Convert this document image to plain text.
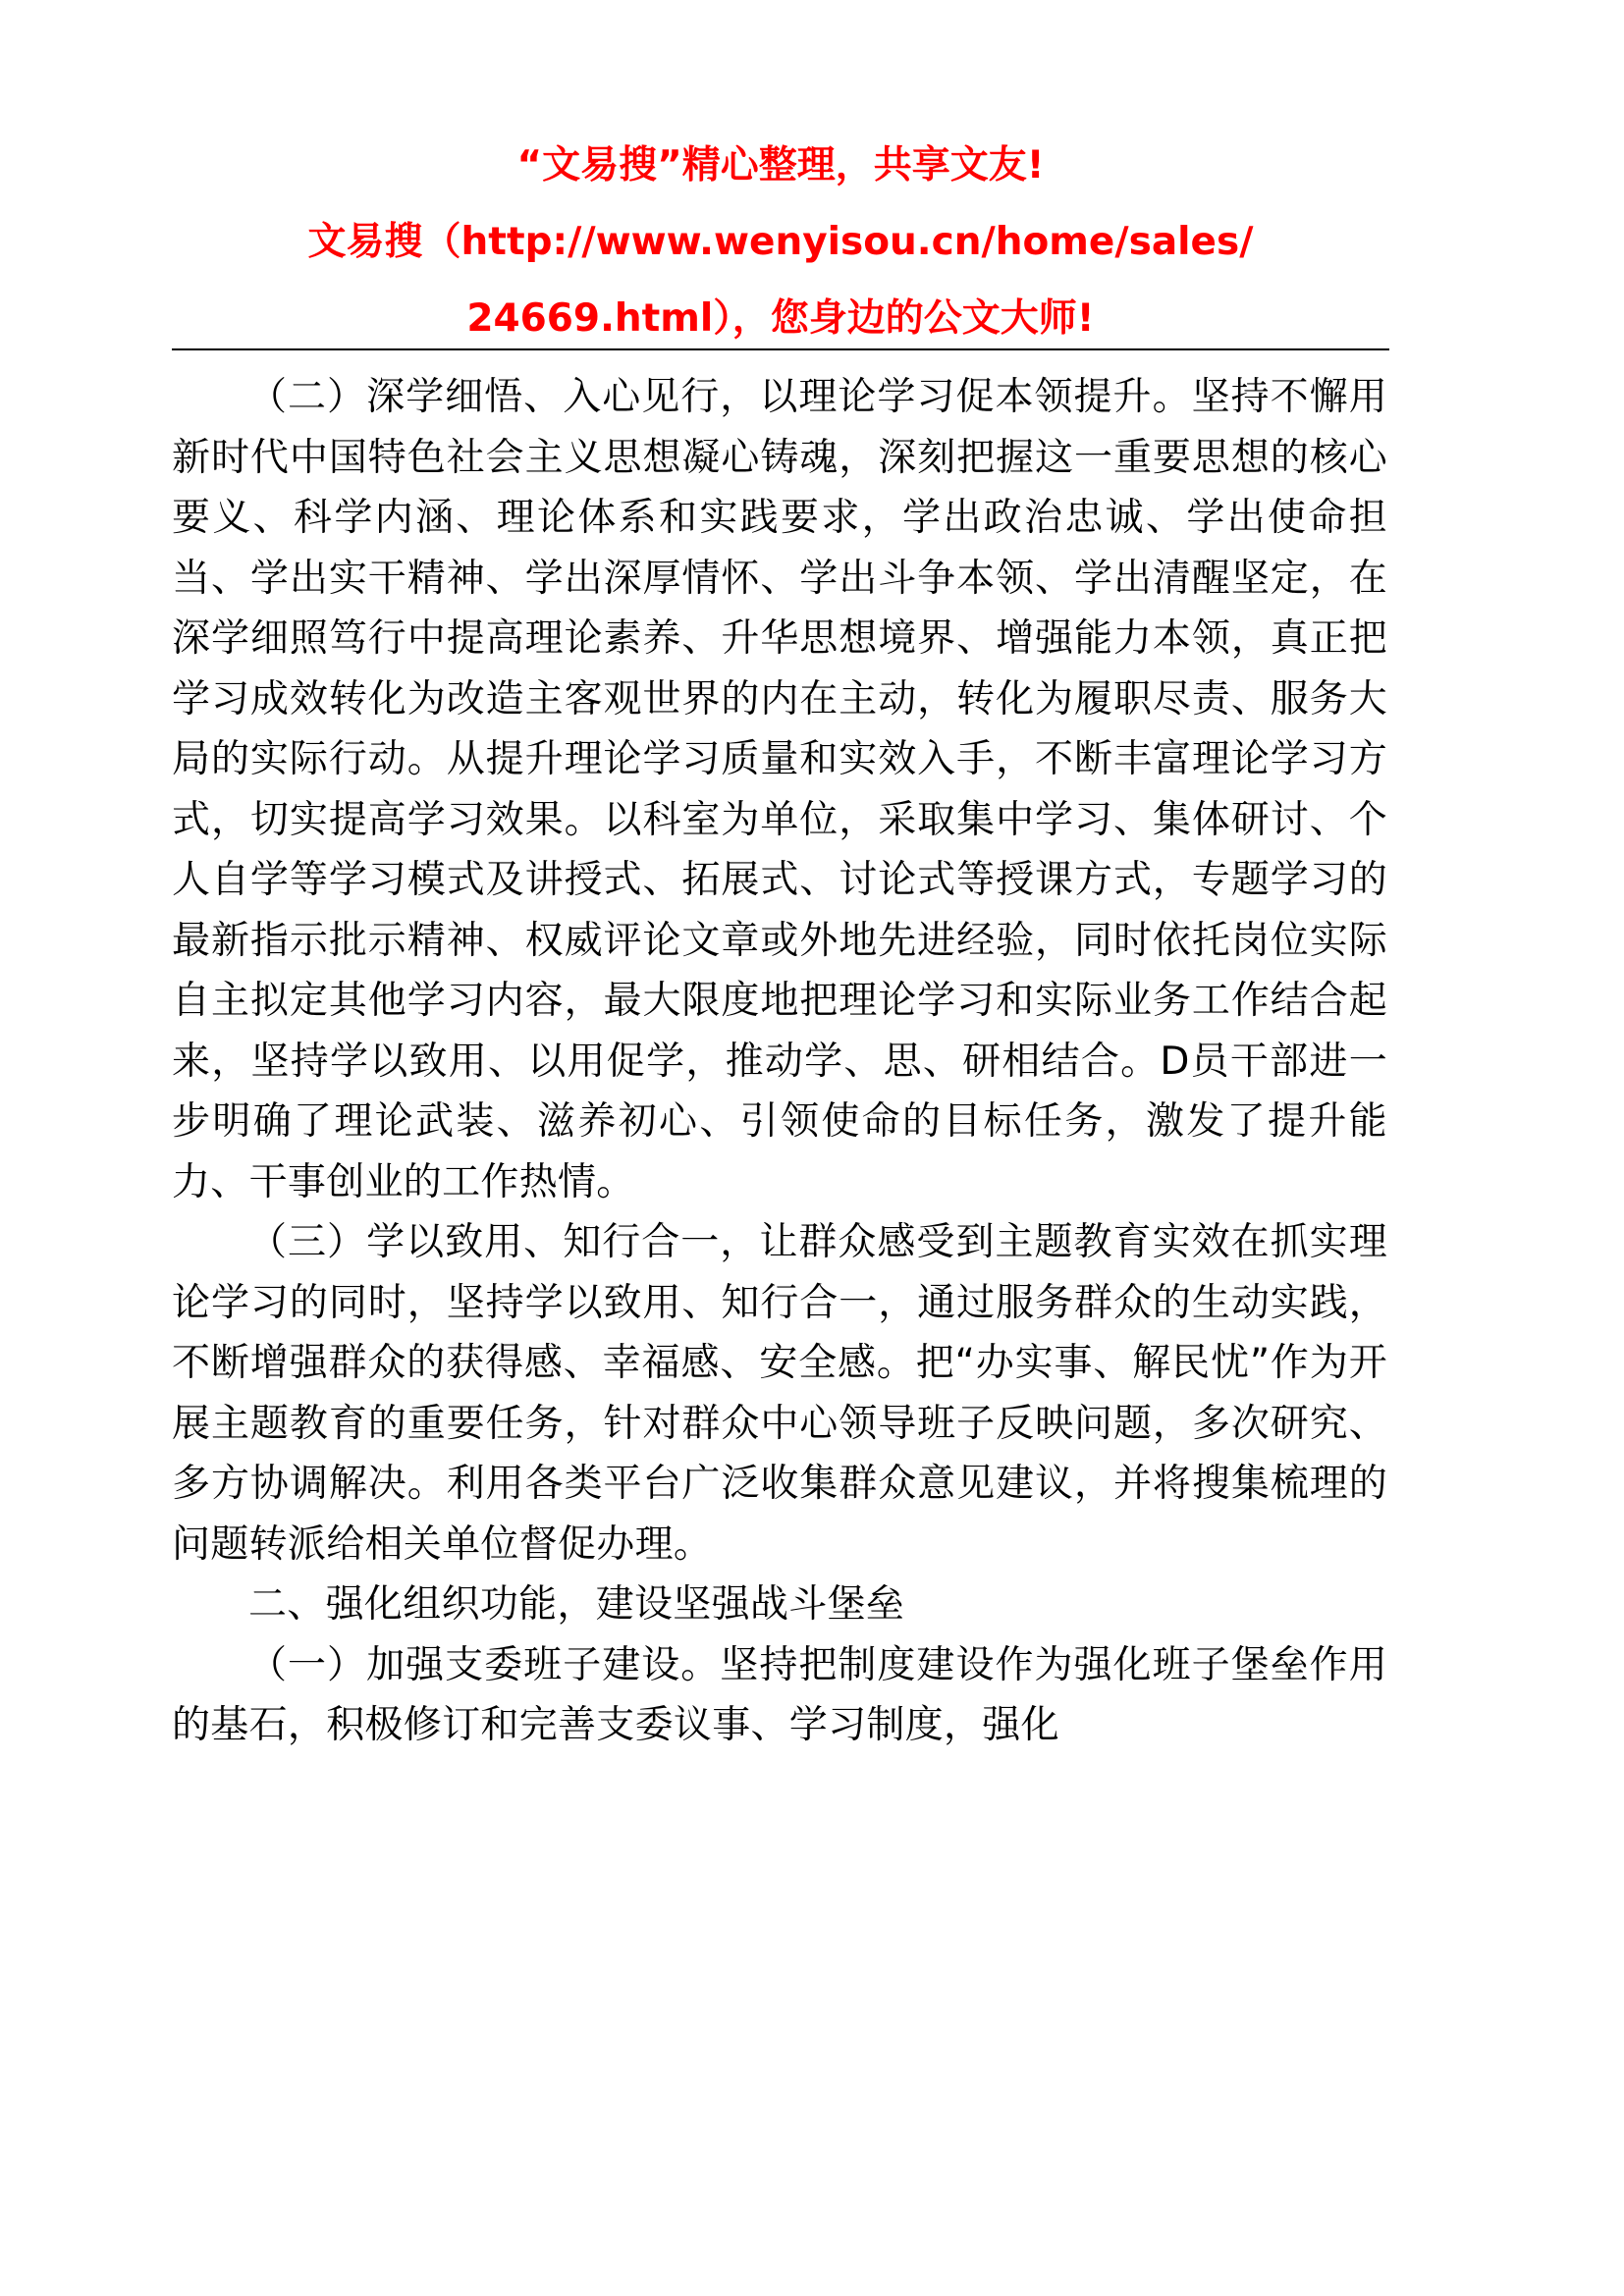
“文易搜”精心整理，共享文友!
文易搜（http://www.wenyisou.cn/home/sales/
24669.html），您身边的公文大师!

（二）深学细悟、入心见行，以理论学习促本领提升。坚持不懈用新时代中国特色社会主义思想凝心铸魂，深刻把握这一重要思想的核心要义、科学内涵、理论体系和实践要求，学出政治忠诚、学出使命担当、学出实干精神、学出深厚情怀、学出斗争本领、学出清醒坚定，在深学细照笃行中提高理论素养、升华思想境界、增强能力本领，真正把学习成效转化为改造主客观世界的内在主动，转化为履职尽责、服务大局的实际行动。从提升理论学习质量和实效入手，不断丰富理论学习方式，切实提高学习效果。以科室为单位，采取集中学习、集体研讨、个人自学等学习模式及讲授式、拓展式、讨论式等授课方式，专题学习的最新指示批示精神、权威评论文章或外地先进经验，同时依托岗位实际自主拟定其他学习内容，最大限度地把理论学习和实际业务工作结合起来，坚持学以致用、以用促学，推动学、思、研相结合。D员干部进一步明确了理论武装、滋养初心、引领使命的目标任务，激发了提升能力、干事创业的工作热情。

（三）学以致用、知行合一，让群众感受到主题教育实效在抓实理论学习的同时，坚持学以致用、知行合一，通过服务群众的生动实践，不断增强群众的获得感、幸福感、安全感。把“办实事、解民忧”作为开展主题教育的重要任务，针对群众中心领导班子反映问题，多次研究、多方协调解决。利用各类平台广泛收集群众意见建议，并将搜集梳理的问题转派给相关单位督促办理。

二、强化组织功能，建设坚强战斗堡垒

（一）加强支委班子建设。坚持把制度建设作为强化班子堡垒作用的基石，积极修订和完善支委议事、学习制度，强化
